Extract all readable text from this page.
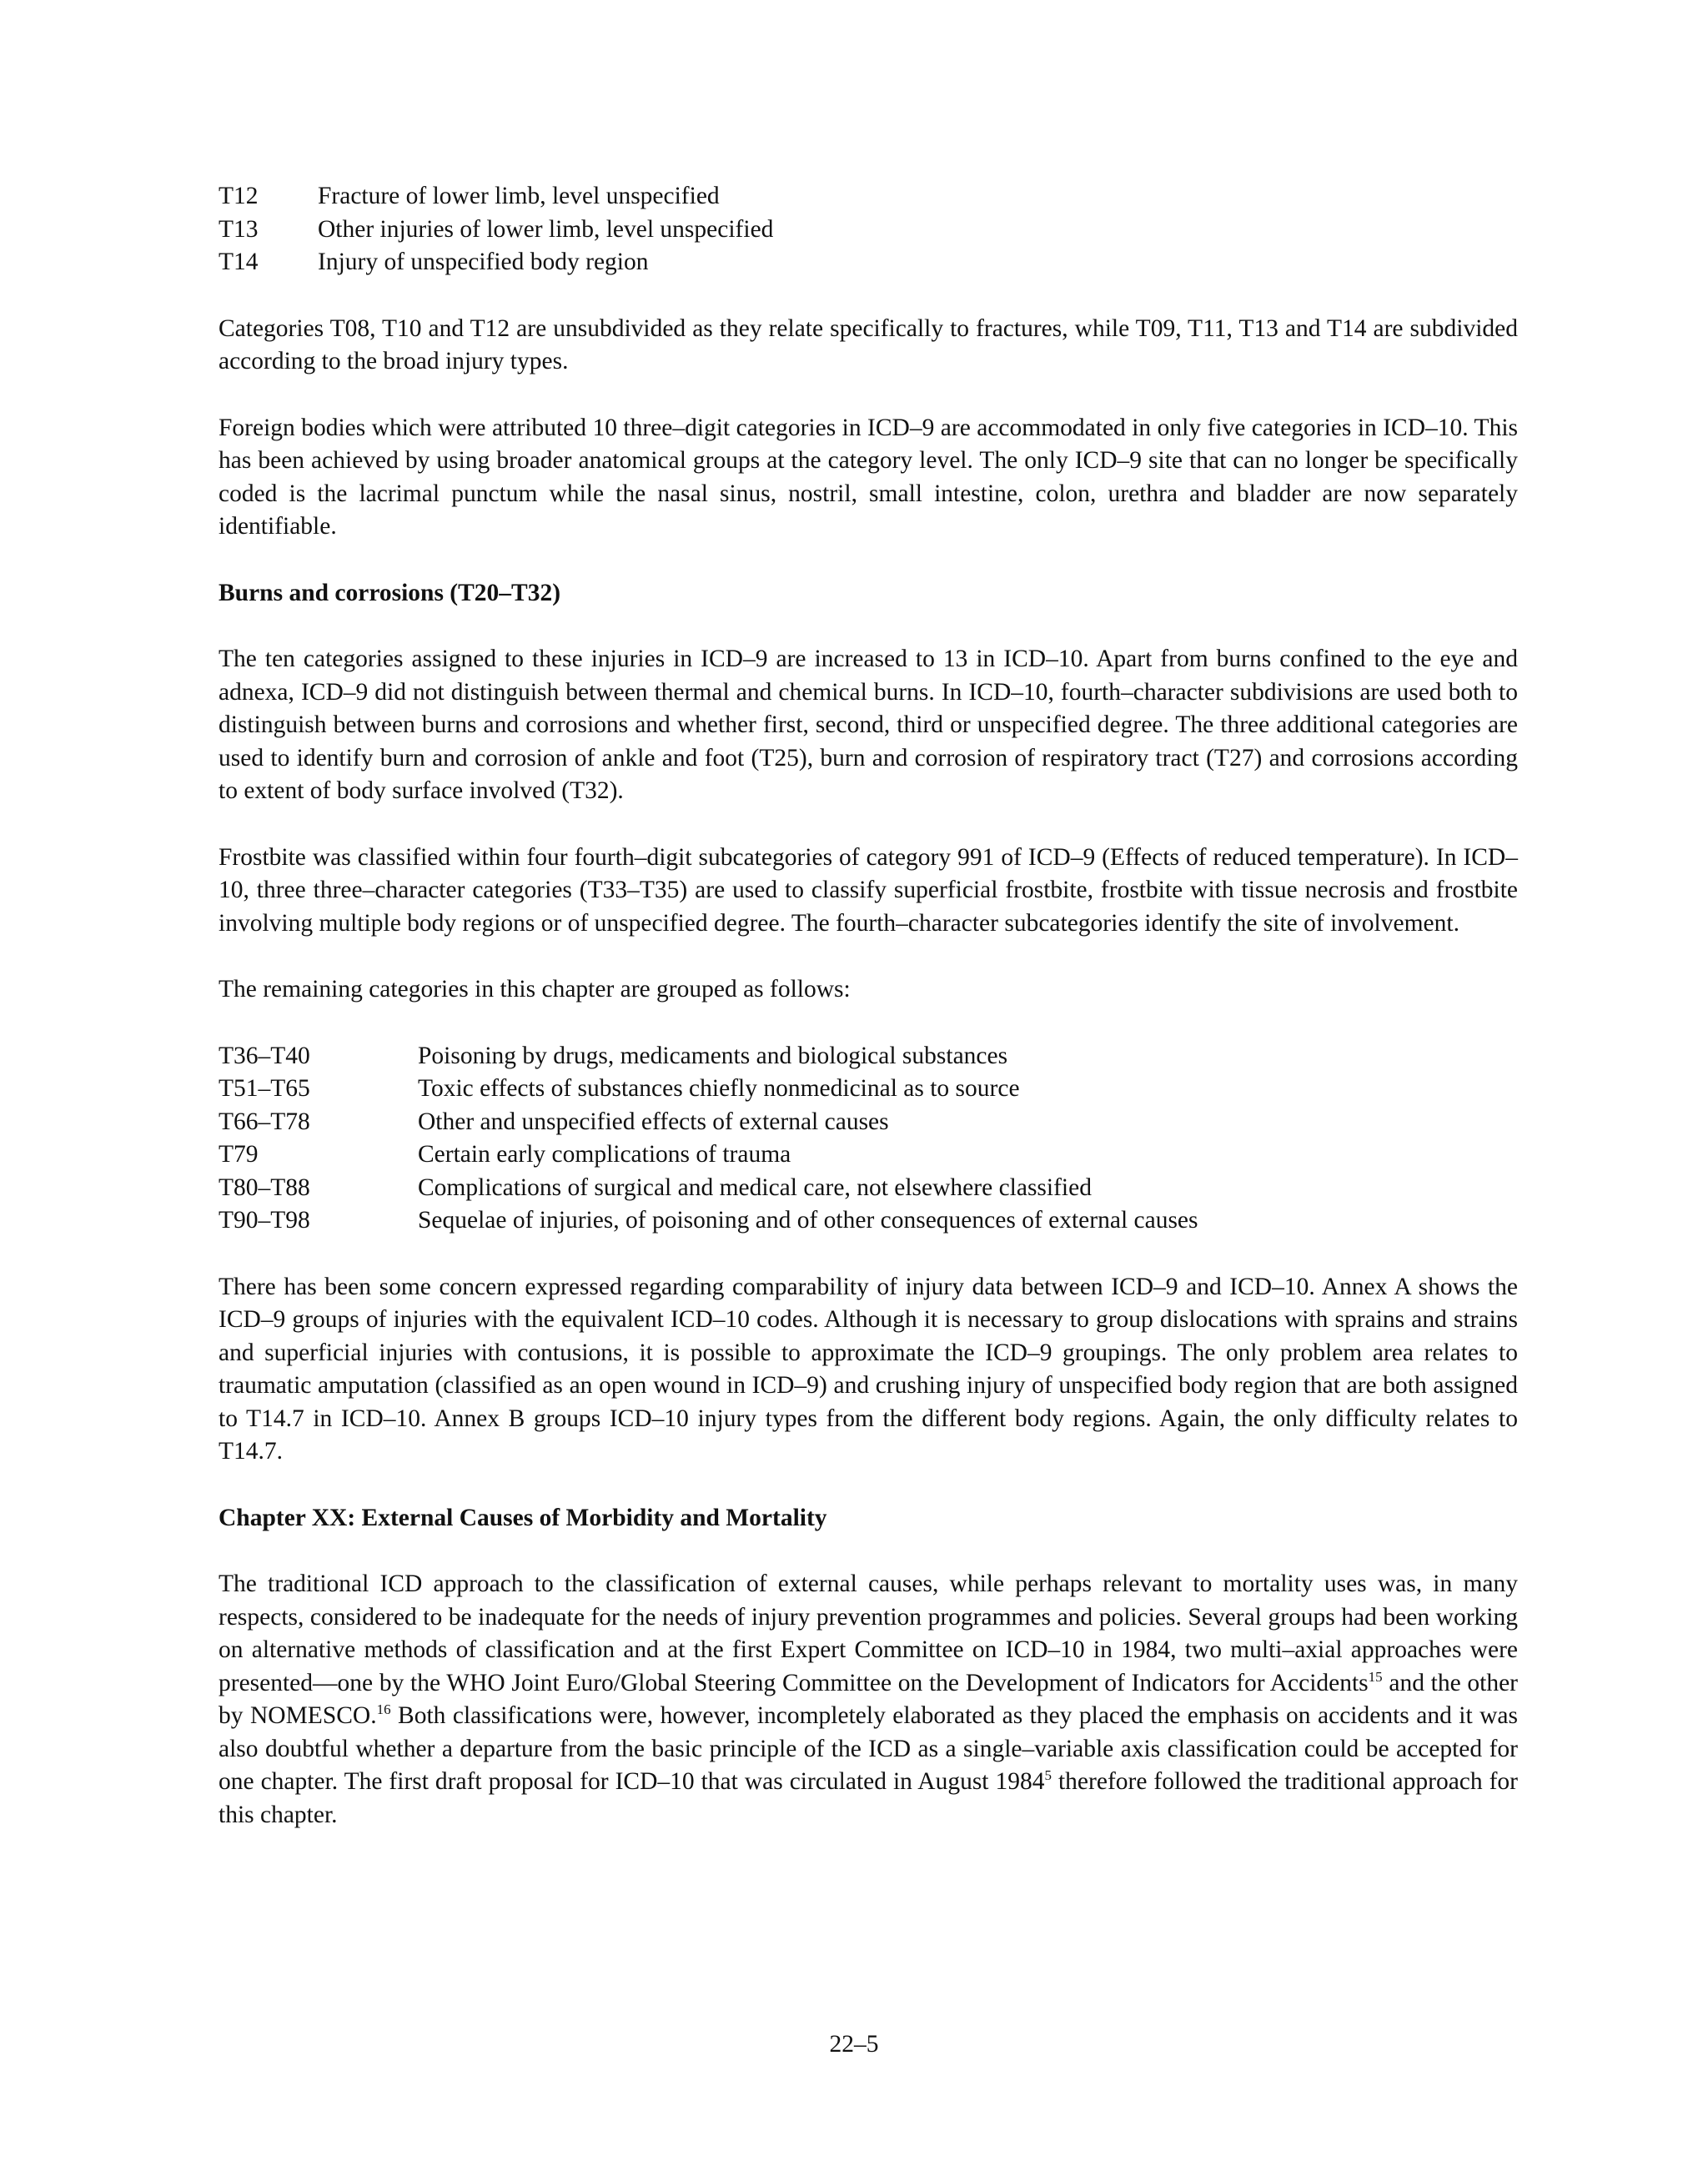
T12	Fracture of lower limb, level unspecified
T13	Other injuries of lower limb, level unspecified
T14	Injury of unspecified body region

Categories T08, T10 and T12 are unsubdivided as they relate specifically to fractures, while T09, T11, T13 and T14 are subdivided according to the broad injury types.

Foreign bodies which were attributed 10 three–digit categories in ICD–9 are accommodated in only five categories in ICD–10. This has been achieved by using broader anatomical groups at the category level. The only ICD–9 site that can no longer be specifically coded is the lacrimal punctum while the nasal sinus, nostril, small intestine, colon, urethra and bladder are now separately identifiable.

Burns and corrosions (T20–T32)

The ten categories assigned to these injuries in ICD–9 are increased to 13 in ICD–10. Apart from burns confined to the eye and adnexa, ICD–9 did not distinguish between thermal and chemical burns. In ICD–10, fourth–character subdivisions are used both to distinguish between burns and corrosions and whether first, second, third or unspecified degree. The three additional categories are used to identify burn and corrosion of ankle and foot (T25), burn and corrosion of respiratory tract (T27) and corrosions according to extent of body surface involved (T32).

Frostbite was classified within four fourth–digit subcategories of category 991 of ICD–9 (Effects of reduced temperature). In ICD–10, three three–character categories (T33–T35) are used to classify superficial frostbite, frostbite with tissue necrosis and frostbite involving multiple body regions or of unspecified degree. The fourth–character subcategories identify the site of involvement.

The remaining categories in this chapter are grouped as follows:

T36–T40	Poisoning by drugs, medicaments and biological substances
T51–T65	Toxic effects of substances chiefly nonmedicinal as to source
T66–T78	Other and unspecified effects of external causes
T79	Certain early complications of trauma
T80–T88	Complications of surgical and medical care, not elsewhere classified
T90–T98	Sequelae of injuries, of poisoning and of other consequences of external causes

There has been some concern expressed regarding comparability of injury data between ICD–9 and ICD–10. Annex A shows the ICD–9 groups of injuries with the equivalent ICD–10 codes. Although it is necessary to group dislocations with sprains and strains and superficial injuries with contusions, it is possible to approximate the ICD–9 groupings. The only problem area relates to traumatic amputation (classified as an open wound in ICD–9) and crushing injury of unspecified body region that are both assigned to T14.7 in ICD–10. Annex B groups ICD–10 injury types from the different body regions. Again, the only difficulty relates to T14.7.

Chapter XX: External Causes of Morbidity and Mortality

The traditional ICD approach to the classification of external causes, while perhaps relevant to mortality uses was, in many respects, considered to be inadequate for the needs of injury prevention programmes and policies. Several groups had been working on alternative methods of classification and at the first Expert Committee on ICD–10 in 1984, two multi–axial approaches were presented—one by the WHO Joint Euro/Global Steering Committee on the Development of Indicators for Accidents$^{15}$ and the other by NOMESCO.$^{16}$ Both classifications were, however, incompletely elaborated as they placed the emphasis on accidents and it was also doubtful whether a departure from the basic principle of the ICD as a single–variable axis classification could be accepted for one chapter. The first draft proposal for ICD–10 that was circulated in August 1984$^5$ therefore followed the traditional approach for this chapter.

22–5
